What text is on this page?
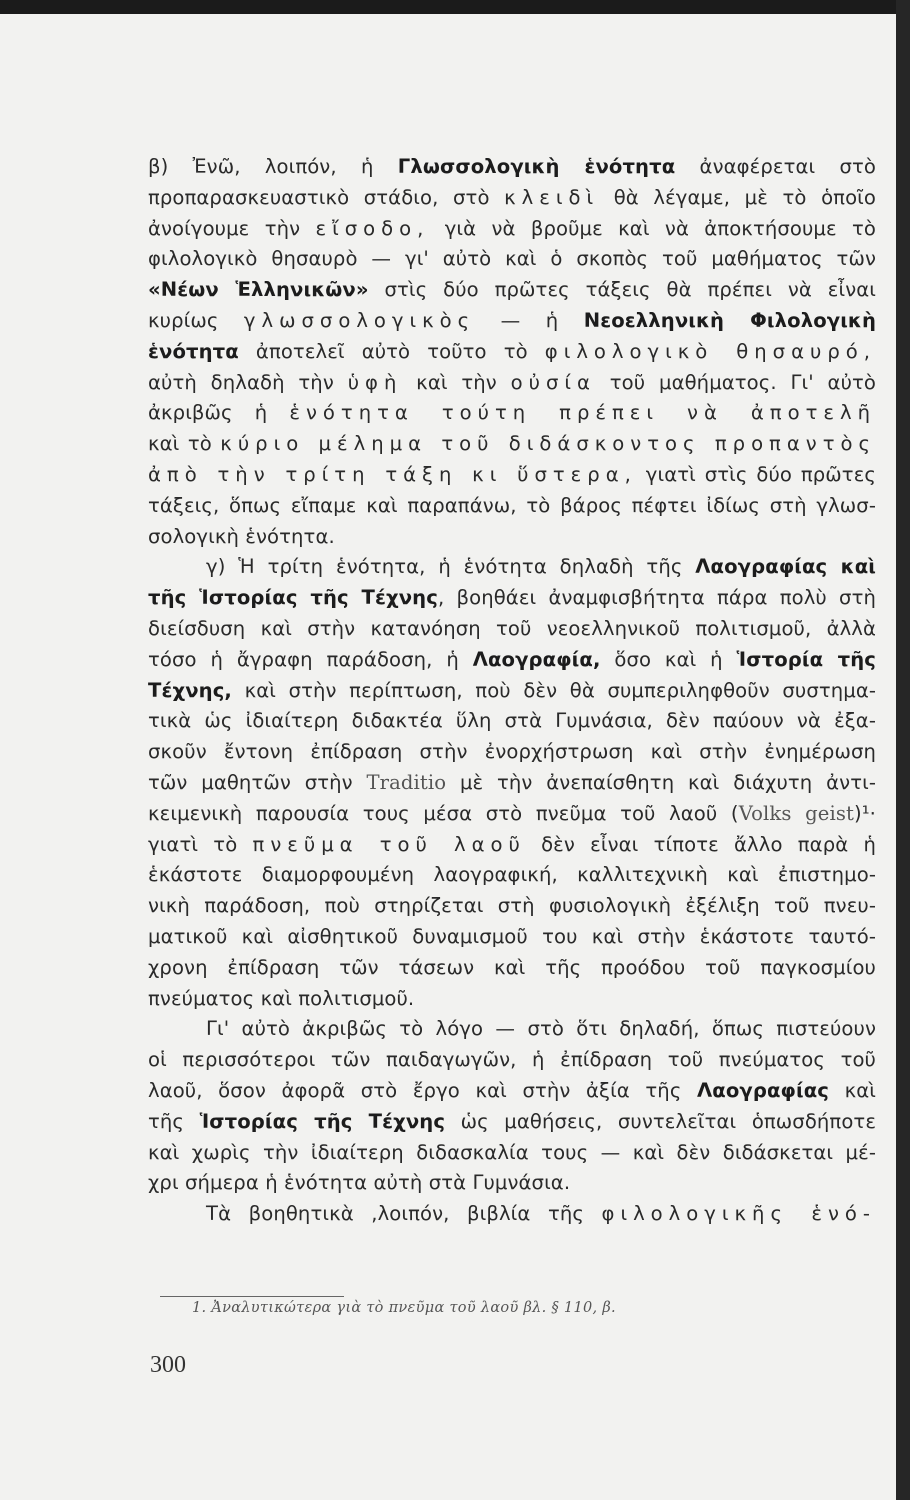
β) Ἐνῶ, λοιπόν, ἡ Γλωσσολογικὴ ἑνότητα ἀναφέρεται στὸ
προπαρασκευαστικὸ στάδιο, στὸ κλειδὶ θὰ λέγαμε, μὲ τὸ ὁποῖο
ἀνοίγουμε τὴν εἴσοδο, γιὰ νὰ βροῦμε καὶ νὰ ἀποκτήσουμε τὸ
φιλολογικὸ θησαυρὸ — γι' αὐτὸ καὶ ὁ σκοπὸς τοῦ μαθήματος τῶν
«Νέων Ἑλληνικῶν» στὶς δύο πρῶτες τάξεις θὰ πρέπει νὰ εἶναι
κυρίως γλωσσολογικὸς — ἡ Νεοελληνικὴ Φιλολογικὴ
ἑνότητα ἀποτελεῖ αὐτὸ τοῦτο τὸ φιλολογικὸ θησαυρό,
αὐτὴ δηλαδὴ τὴν ὑφὴ καὶ τὴν οὐσία τοῦ μαθήματος. Γι' αὐτὸ
ἀκριβῶς ἡ ἑνότητα τούτη πρέπει νὰ ἀποτελῆ
καὶ τὸ κύριο μέλημα τοῦ διδάσκοντος προπαντὸς
ἀπὸ τὴν τρίτη τάξη κι ὕστερα, γιατὶ στὶς δύο πρῶτες
τάξεις, ὅπως εἴπαμε καὶ παραπάνω, τὸ βάρος πέφτει ἰδίως στὴ γλωσ-
σολογικὴ ἑνότητα.
γ) Ἡ τρίτη ἑνότητα, ἡ ἑνότητα δηλαδὴ τῆς Λαογραφίας καὶ
τῆς Ἱστορίας τῆς Τέχνης, βοηθάει ἀναμφισβήτητα πάρα πολὺ στὴ
διείσδυση καὶ στὴν κατανόηση τοῦ νεοελληνικοῦ πολιτισμοῦ, ἀλλὰ
τόσο ἡ ἄγραφη παράδοση, ἡ Λαογραφία, ὅσο καὶ ἡ Ἱστορία τῆς
Τέχνης, καὶ στὴν περίπτωση, ποὺ δὲν θὰ συμπεριληφθοῦν συστημα-
τικὰ ὡς ἰδιαίτερη διδακτέα ὕλη στὰ Γυμνάσια, δὲν παύουν νὰ ἐξα-
σκοῦν ἔντονη ἐπίδραση στὴν ἐνορχήστρωση καὶ στὴν ἐνημέρωση
τῶν μαθητῶν στὴν Traditio μὲ τὴν ἀνεπαίσθητη καὶ διάχυτη ἀντι-
κειμενικὴ παρουσία τους μέσα στὸ πνεῦμα τοῦ λαοῦ (Volks geist)¹·
γιατὶ τὸ πνεῦμα τοῦ λαοῦ δὲν εἶναι τίποτε ἄλλο παρὰ ἡ
ἑκάστοτε διαμορφουμένη λαογραφική, καλλιτεχνικὴ καὶ ἐπιστημο-
νικὴ παράδοση, ποὺ στηρίζεται στὴ φυσιολογικὴ ἐξέλιξη τοῦ πνευ-
ματικοῦ καὶ αἰσθητικοῦ δυναμισμοῦ του καὶ στὴν ἑκάστοτε ταυτό-
χρονη ἐπίδραση τῶν τάσεων καὶ τῆς προόδου τοῦ παγκοσμίου
πνεύματος καὶ πολιτισμοῦ.
Γι' αὐτὸ ἀκριβῶς τὸ λόγο — στὸ ὅτι δηλαδή, ὅπως πιστεύουν
οἱ περισσότεροι τῶν παιδαγωγῶν, ἡ ἐπίδραση τοῦ πνεύματος τοῦ
λαοῦ, ὅσον ἀφορᾶ στὸ ἔργο καὶ στὴν ἀξία τῆς Λαογραφίας καὶ
τῆς Ἱστορίας τῆς Τέχνης ὡς μαθήσεις, συντελεῖται ὁπωσδήποτε
καὶ χωρὶς τὴν ἰδιαίτερη διδασκαλία τους — καὶ δὲν διδάσκεται μέ-
χρι σήμερα ἡ ἑνότητα αὐτὴ στὰ Γυμνάσια.
Τὰ βοηθητικὰ ,λοιπόν, βιβλία τῆς φιλολογικῆς ἑνό-
1. Ἀναλυτικώτερα γιὰ τὸ πνεῦμα τοῦ λαοῦ βλ. § 110, β.
300
